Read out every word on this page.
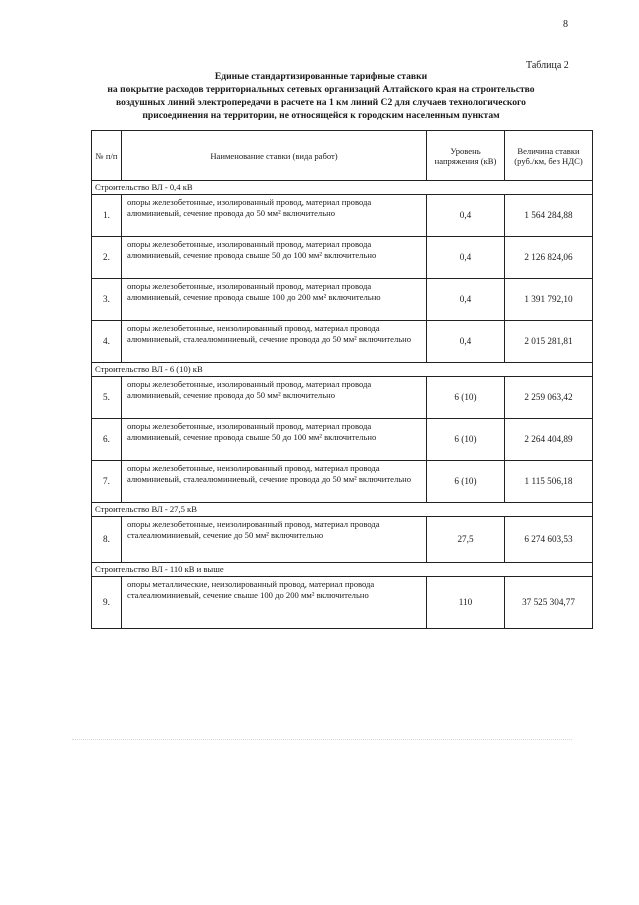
8
Таблица 2
Единые стандартизированные тарифные ставки
на покрытие расходов территориальных сетевых организаций Алтайского края на строительство
воздушных линий электропередачи в расчете на 1 км линий С2 для случаев технологического
присоединения на территории, не относящейся к городским населенным пунктам
№ п/п	Наименование ставки (вида работ)	Уровень напряжения (кВ)	Величина ставки (руб./км, без НДС)
Строительство ВЛ - 0,4 кВ			
1.	опоры железобетонные, изолированный провод, материал провода алюминиевый, сечение провода до 50 мм² включительно	0,4	1 564 284,88
2.	опоры железобетонные, изолированный провод, материал провода алюминиевый, сечение провода свыше 50 до 100 мм² включительно	0,4	2 126 824,06
3.	опоры железобетонные, изолированный провод, материал провода алюминиевый, сечение провода свыше 100 до 200 мм² включительно	0,4	1 391 792,10
4.	опоры железобетонные, неизолированный провод, материал провода алюминиевый, сталеалюминиевый, сечение провода до 50 мм² включительно	0,4	2 015 281,81
Строительство ВЛ - 6 (10) кВ			
5.	опоры железобетонные, изолированный провод, материал провода алюминиевый, сечение провода до 50 мм² включительно	6 (10)	2 259 063,42
6.	опоры железобетонные, изолированный провод, материал провода алюминиевый, сечение провода свыше 50 до 100 мм² включительно	6 (10)	2 264 404,89
7.	опоры железобетонные, неизолированный провод, материал провода алюминиевый, сталеалюминиевый, сечение провода до 50 мм² включительно	6 (10)	1 115 506,18
Строительство ВЛ - 27,5 кВ			
8.	опоры железобетонные, неизолированный провод, материал провода сталеалюминиевый, сечение до 50 мм² включительно	27,5	6 274 603,53
Строительство ВЛ - 110 кВ и выше			
9.	опоры металлические, неизолированный провод, материал провода сталеалюминиевый, сечение свыше 100 до 200 мм² включительно	110	37 525 304,77
